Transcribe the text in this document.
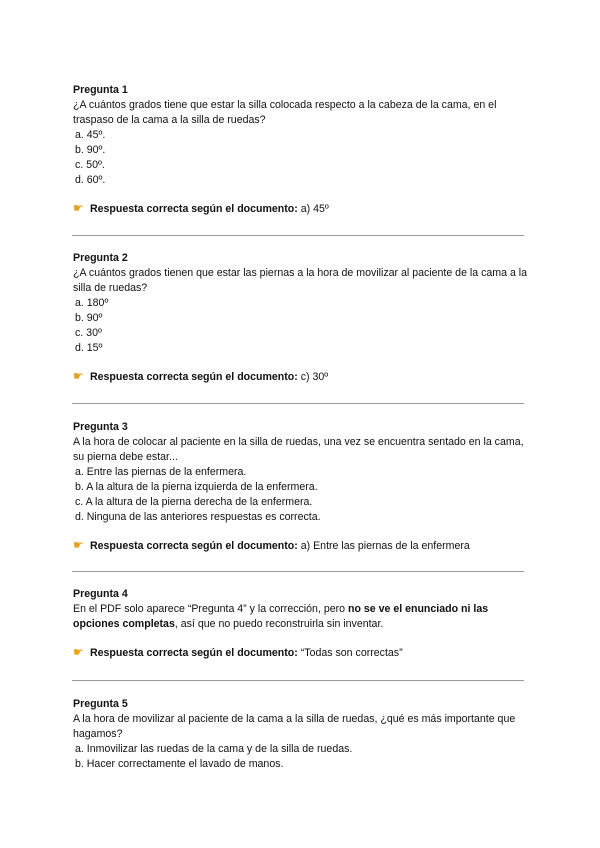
Pregunta 1

¿A cuántos grados tiene que estar la silla colocada respecto a la cabeza de la cama, en el traspaso de la cama a la silla de ruedas?

a. 45º.
b. 90º.
c. 50º.
d. 60º.
☛ Respuesta correcta según el documento: a) 45º

Pregunta 2

¿A cuántos grados tienen que estar las piernas a la hora de movilizar al paciente de la cama a la silla de ruedas?

a. 180º
b. 90º
c. 30º
d. 15º
☛ Respuesta correcta según el documento: c) 30º

Pregunta 3

A la hora de colocar al paciente en la silla de ruedas, una vez se encuentra sentado en la cama, su pierna debe estar...

a. Entre las piernas de la enfermera.
b. A la altura de la pierna izquierda de la enfermera.
c. A la altura de la pierna derecha de la enfermera.
d. Ninguna de las anteriores respuestas es correcta.
☛ Respuesta correcta según el documento: a) Entre las piernas de la enfermera

Pregunta 4

En el PDF solo aparece “Pregunta 4” y la corrección, pero no se ve el enunciado ni las opciones completas, así que no puedo reconstruirla sin inventar.

☛ Respuesta correcta según el documento: “Todas son correctas”

Pregunta 5

A la hora de movilizar al paciente de la cama a la silla de ruedas, ¿qué es más importante que hagamos?

a. Inmovilizar las ruedas de la cama y de la silla de ruedas.
b. Hacer correctamente el lavado de manos.
